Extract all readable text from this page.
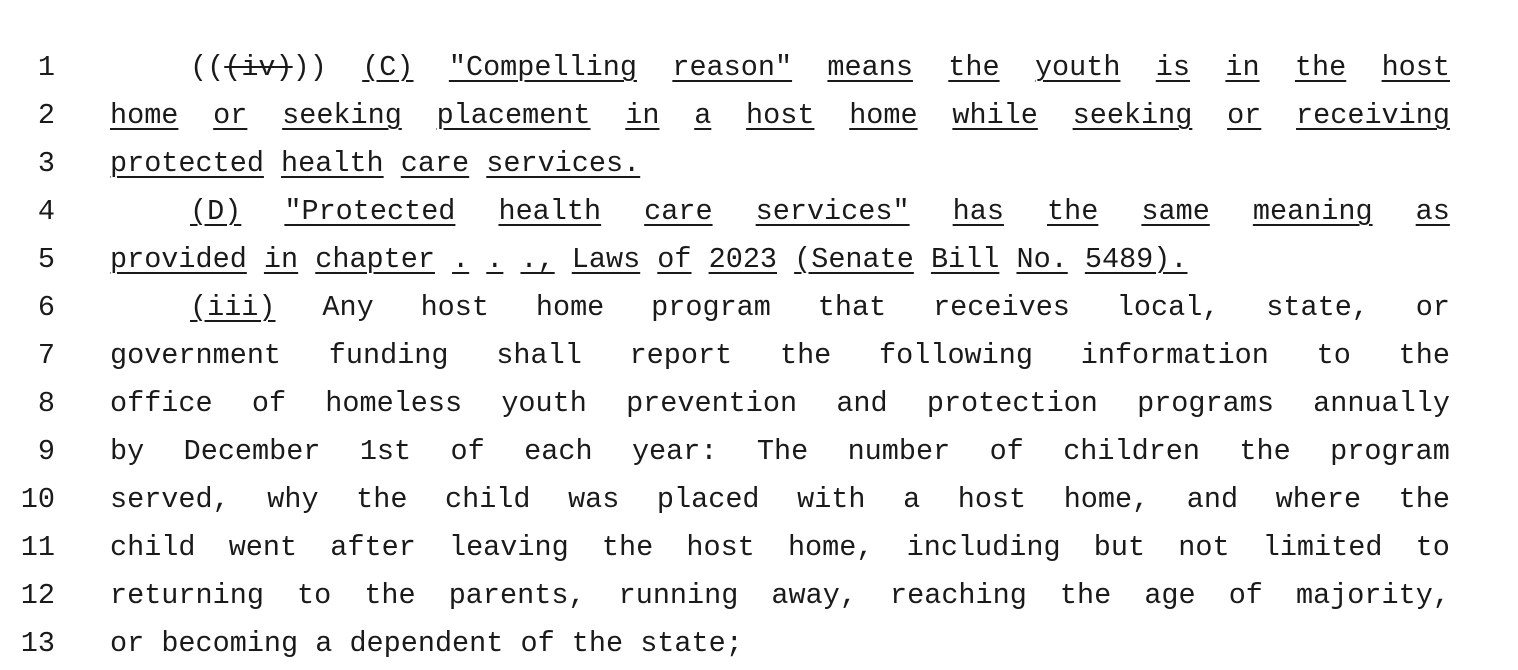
1	(((iv))) (C) "Compelling reason" means the youth is in the host
2 home or seeking placement in a host home while seeking or receiving
3 protected health care services.
4	(D) "Protected health care services" has the same meaning as
5 provided in chapter . . ., Laws of 2023 (Senate Bill No. 5489).
6	(iii) Any host home program that receives local, state, or
7 government funding shall report the following information to the
8 office of homeless youth prevention and protection programs annually
9 by December 1st of each year: The number of children the program
10 served, why the child was placed with a host home, and where the
11 child went after leaving the host home, including but not limited to
12 returning to the parents, running away, reaching the age of majority,
13 or becoming a dependent of the state;
